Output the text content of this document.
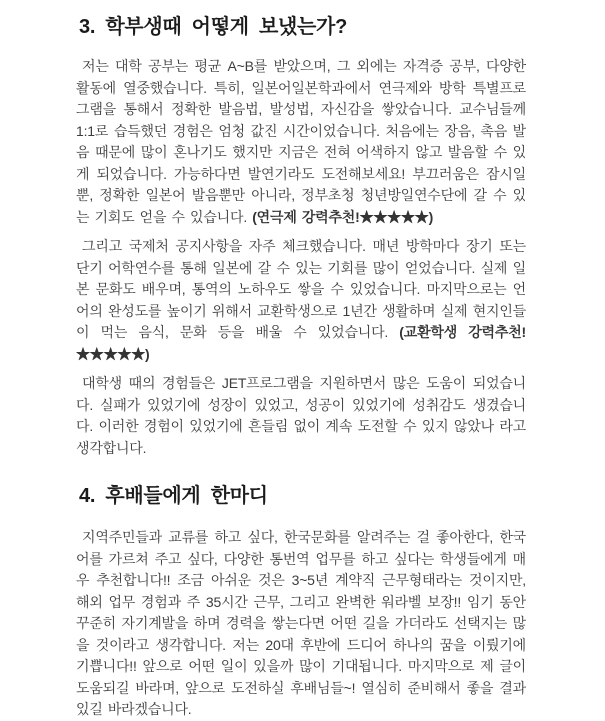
3. 학부생때 어떻게 보냈는가?

저는 대학 공부는 평균 A~B를 받았으며, 그 외에는 자격증 공부, 다양한 활동에 열중했습니다. 특히, 일본어일본학과에서 연극제와 방학 특별프로그램을 통해서 정확한 발음법, 발성법, 자신감을 쌓았습니다. 교수님들께 1:1로 습득했던 경험은 엄청 값진 시간이었습니다. 처음에는 장음, 촉음 발음 때문에 많이 혼나기도 했지만 지금은 전혀 어색하지 않고 발음할 수 있게 되었습니다. 가능하다면 발연기라도 도전해보세요! 부끄러움은 잠시일 뿐, 정확한 일본어 발음뿐만 아니라, 정부초청 청년방일연수단에 갈 수 있는 기회도 얻을 수 있습니다. (연극제 강력추천!★★★★★)

그리고 국제처 공지사항을 자주 체크했습니다. 매년 방학마다 장기 또는 단기 어학연수를 통해 일본에 갈 수 있는 기회를 많이 얻었습니다. 실제 일본 문화도 배우며, 통역의 노하우도 쌓을 수 있었습니다. 마지막으로는 언어의 완성도를 높이기 위해서 교환학생으로 1년간 생활하며 실제 현지인들이 먹는 음식, 문화 등을 배울 수 있었습니다. (교환학생 강력추천!★★★★★)

대학생 때의 경험들은 JET프로그램을 지원하면서 많은 도움이 되었습니다. 실패가 있었기에 성장이 있었고, 성공이 있었기에 성취감도 생겼습니다. 이러한 경험이 있었기에 흔들림 없이 계속 도전할 수 있지 않았나 라고 생각합니다.

4. 후배들에게 한마디

지역주민들과 교류를 하고 싶다, 한국문화를 알려주는 걸 좋아한다, 한국어를 가르쳐 주고 싶다, 다양한 통번역 업무를 하고 싶다는 학생들에게 매우 추천합니다!! 조금 아쉬운 것은 3~5년 계약직 근무형태라는 것이지만, 해외 업무 경험과 주 35시간 근무, 그리고 완벽한 워라벨 보장!! 임기 동안 꾸준히 자기계발을 하며 경력을 쌓는다면 어떤 길을 가더라도 선택지는 많을 것이라고 생각합니다. 저는 20대 후반에 드디어 하나의 꿈을 이뤘기에 기쁩니다!! 앞으로 어떤 일이 있을까 많이 기대됩니다. 마지막으로 제 글이 도움되길 바라며, 앞으로 도전하실 후배님들~! 열심히 준비해서 좋을 결과 있길 바라겠습니다.
